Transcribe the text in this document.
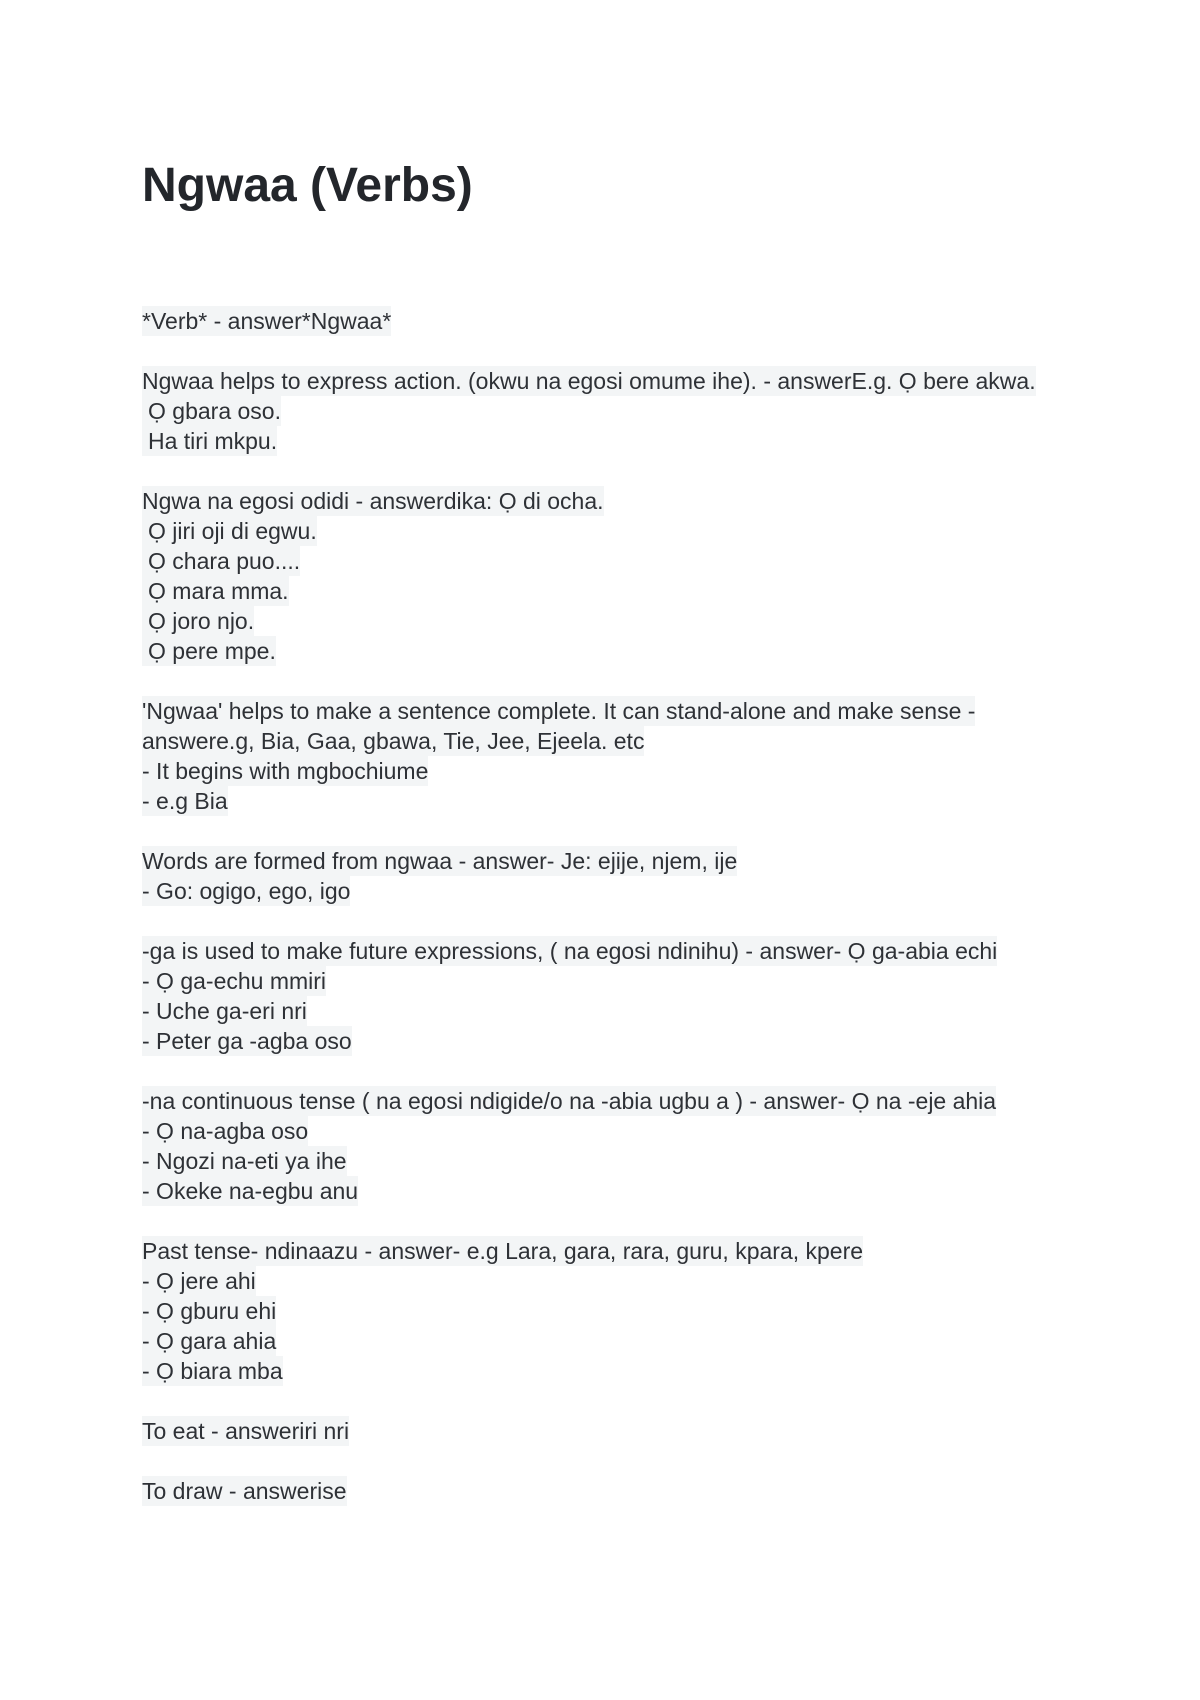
Ngwaa (Verbs)
*Verb* - answer*Ngwaa*
Ngwaa helps to express action. (okwu na egosi omume ihe). - answerE.g. Ọ bere akwa.
Ọ gbara oso.
Ha tiri mkpu.
Ngwa na egosi odidi - answerdika: Ọ di ocha.
Ọ jiri oji di egwu.
Ọ chara puo....
Ọ mara mma.
Ọ joro njo.
Ọ pere mpe.
'Ngwaa' helps to make a sentence complete. It can stand-alone and make sense -
answere.g, Bia, Gaa, gbawa, Tie, Jee, Ejeela. etc
- It begins with mgbochiume
- e.g Bia
Words are formed from ngwaa - answer- Je: ejije, njem, ije
- Go: ogigo, ego, igo
-ga is used to make future expressions, ( na egosi ndinihu) - answer- Ọ ga-abia echi
- Ọ ga-echu mmiri
- Uche ga-eri nri
- Peter ga -agba oso
-na continuous tense ( na egosi ndigide/o na -abia ugbu a ) - answer- Ọ na -eje ahia
- Ọ na-agba oso
- Ngozi na-eti ya ihe
- Okeke na-egbu anu
Past tense- ndinaazu - answer- e.g Lara, gara, rara, guru, kpara, kpere
- Ọ jere ahi
- Ọ gburu ehi
- Ọ gara ahia
- Ọ biara mba
To eat - answeriri nri
To draw - answerise
